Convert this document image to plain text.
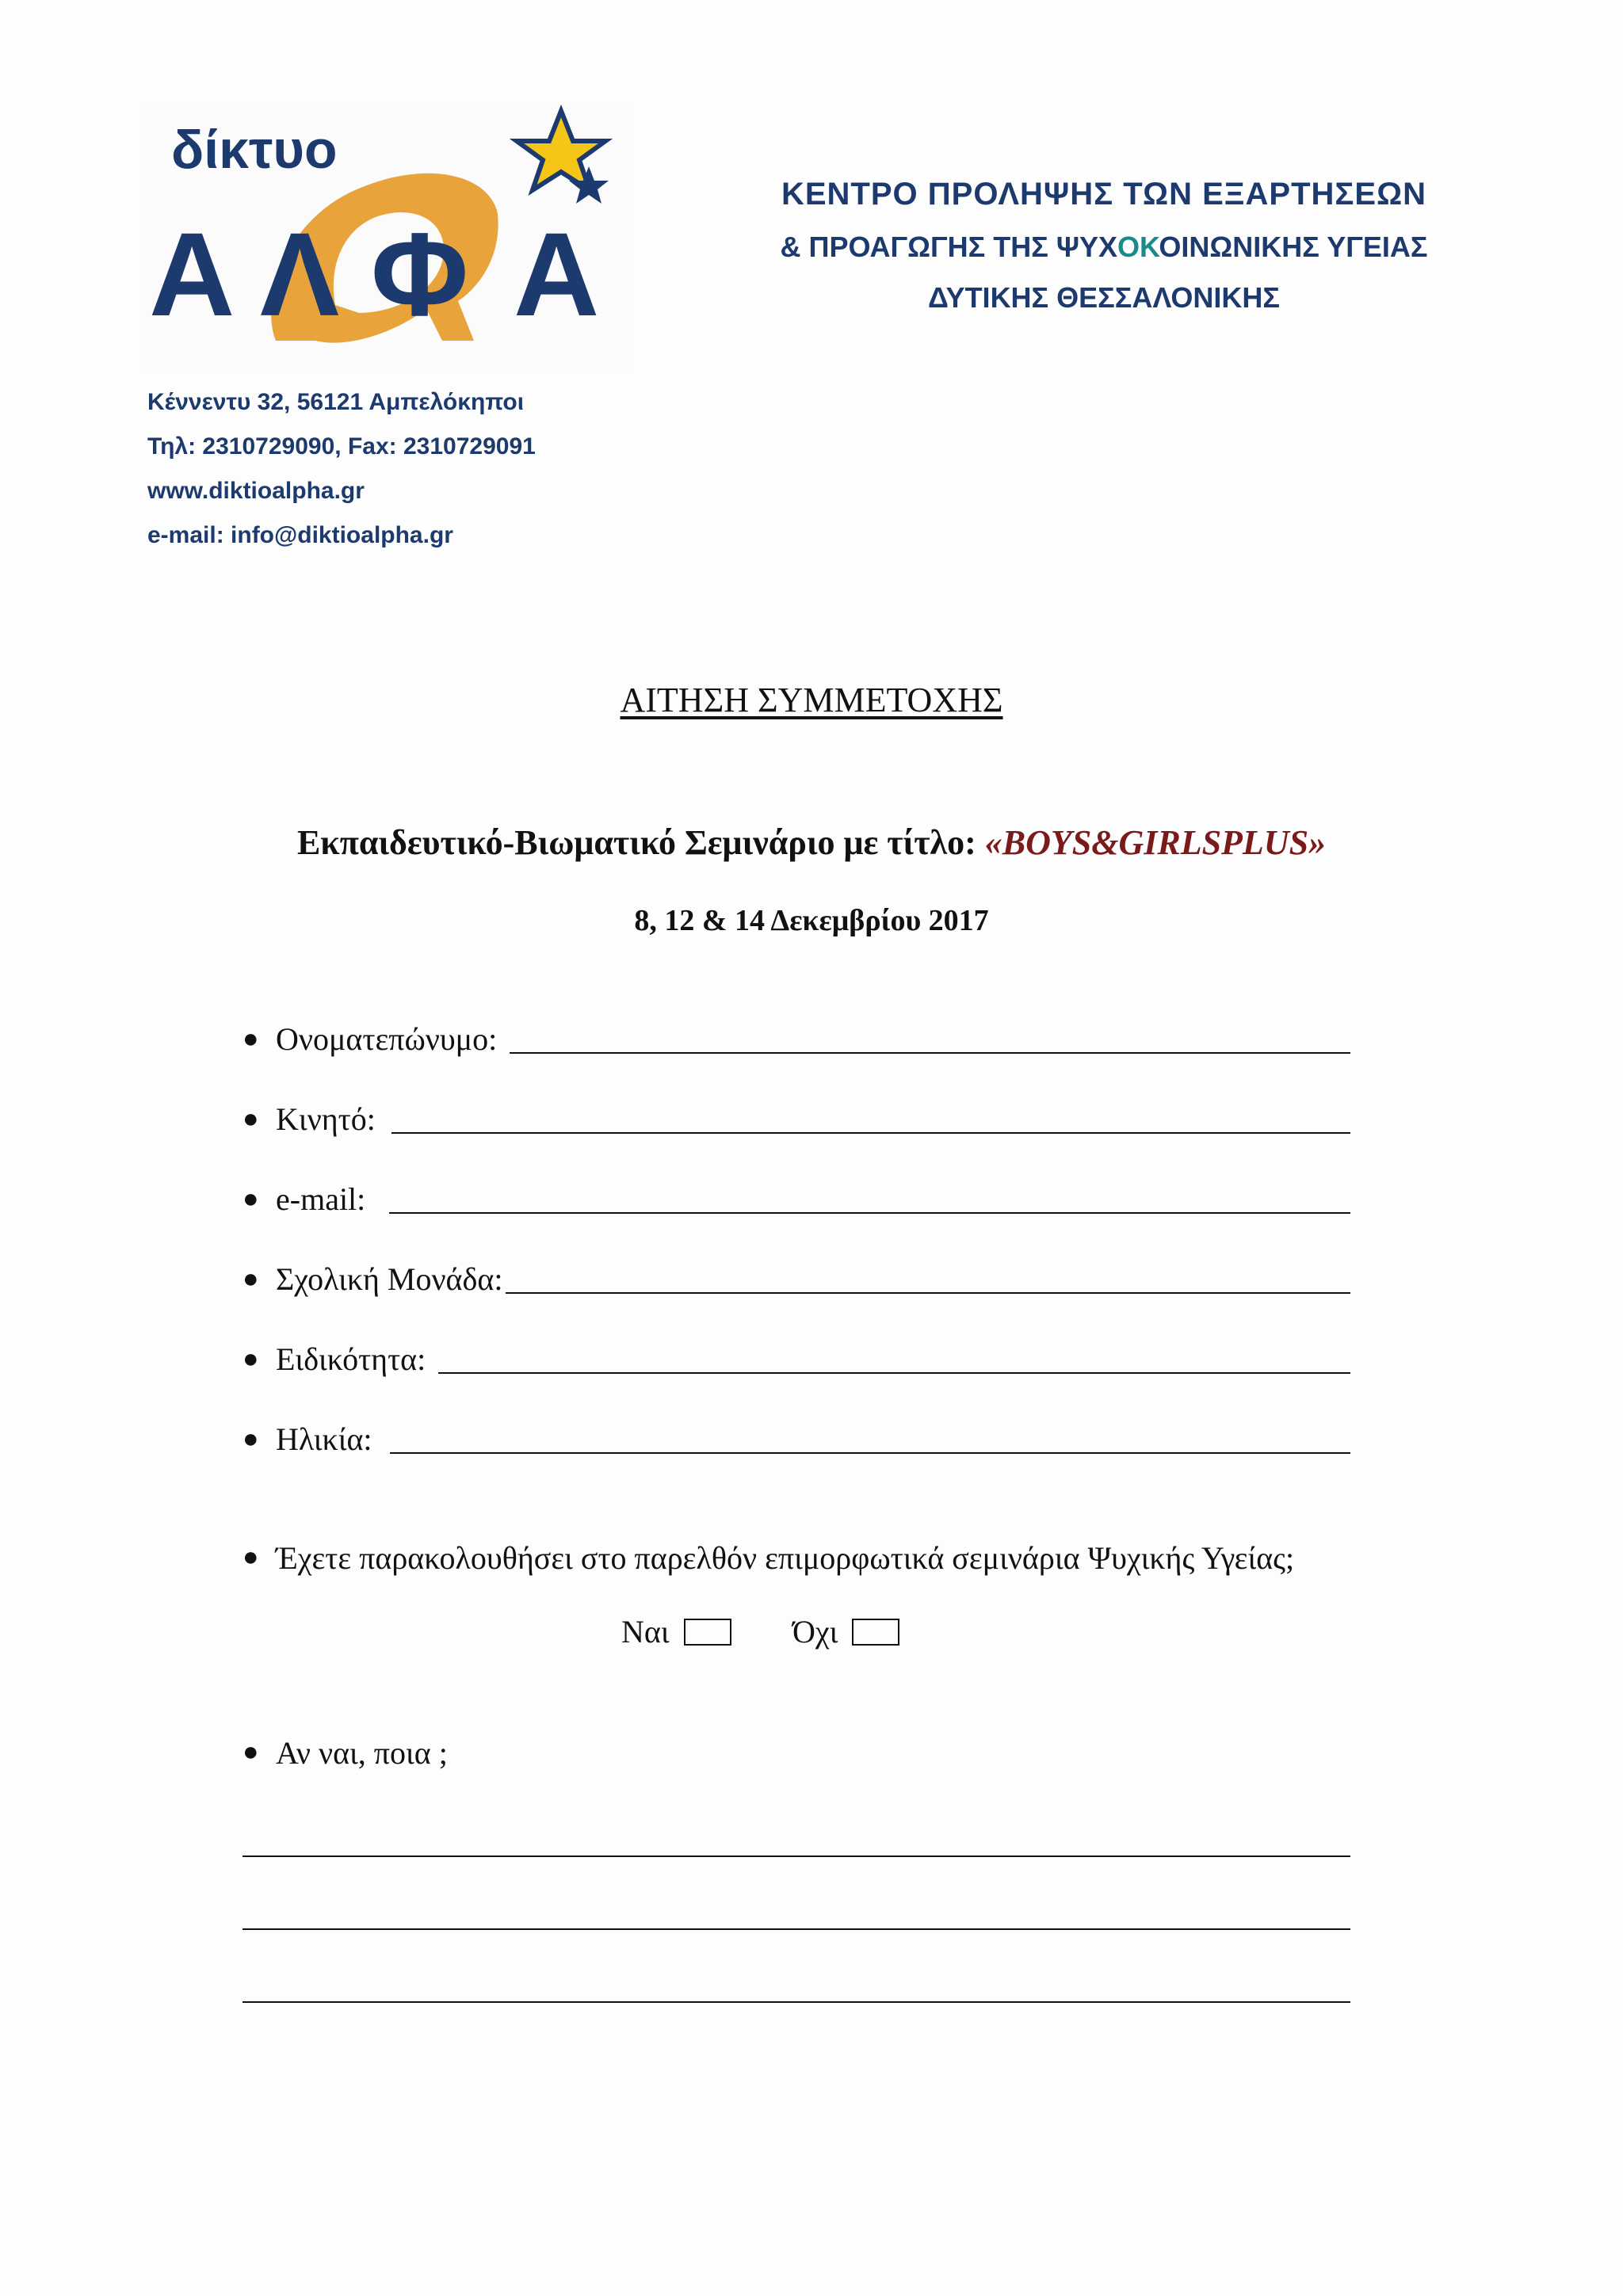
δίκτυο
Α Λ Φ Α
Κέννεντυ 32, 56121 Αμπελόκηποι
Τηλ: 2310729090, Fax: 2310729091
www.diktioalpha.gr
e-mail: info@diktioalpha.gr
ΚΕΝΤΡΟ ΠΡΟΛΗΨΗΣ ΤΩΝ ΕΞΑΡΤΗΣΕΩΝ
& ΠΡΟΑΓΩΓΗΣ ΤΗΣ ΨΥΧΟΚΟΙΝΩΝΙΚΗΣ ΥΓΕΙΑΣ
ΔΥΤΙΚΗΣ ΘΕΣΣΑΛΟΝΙΚΗΣ
ΑΙΤΗΣΗ ΣΥΜΜΕΤΟΧΗΣ
Εκπαιδευτικό-Βιωματικό Σεμινάριο με τίτλο: «BOYS&GIRLSPLUS»
8, 12 & 14 Δεκεμβρίου 2017
● Ονοματεπώνυμο:
● Κινητό:
● e-mail:
● Σχολική Μονάδα:
● Ειδικότητα:
● Ηλικία:
● Έχετε παρακολουθήσει στο παρελθόν επιμορφωτικά σεμινάρια Ψυχικής Υγείας;
Ναι	Όχι
● Αν ναι, ποια ;
